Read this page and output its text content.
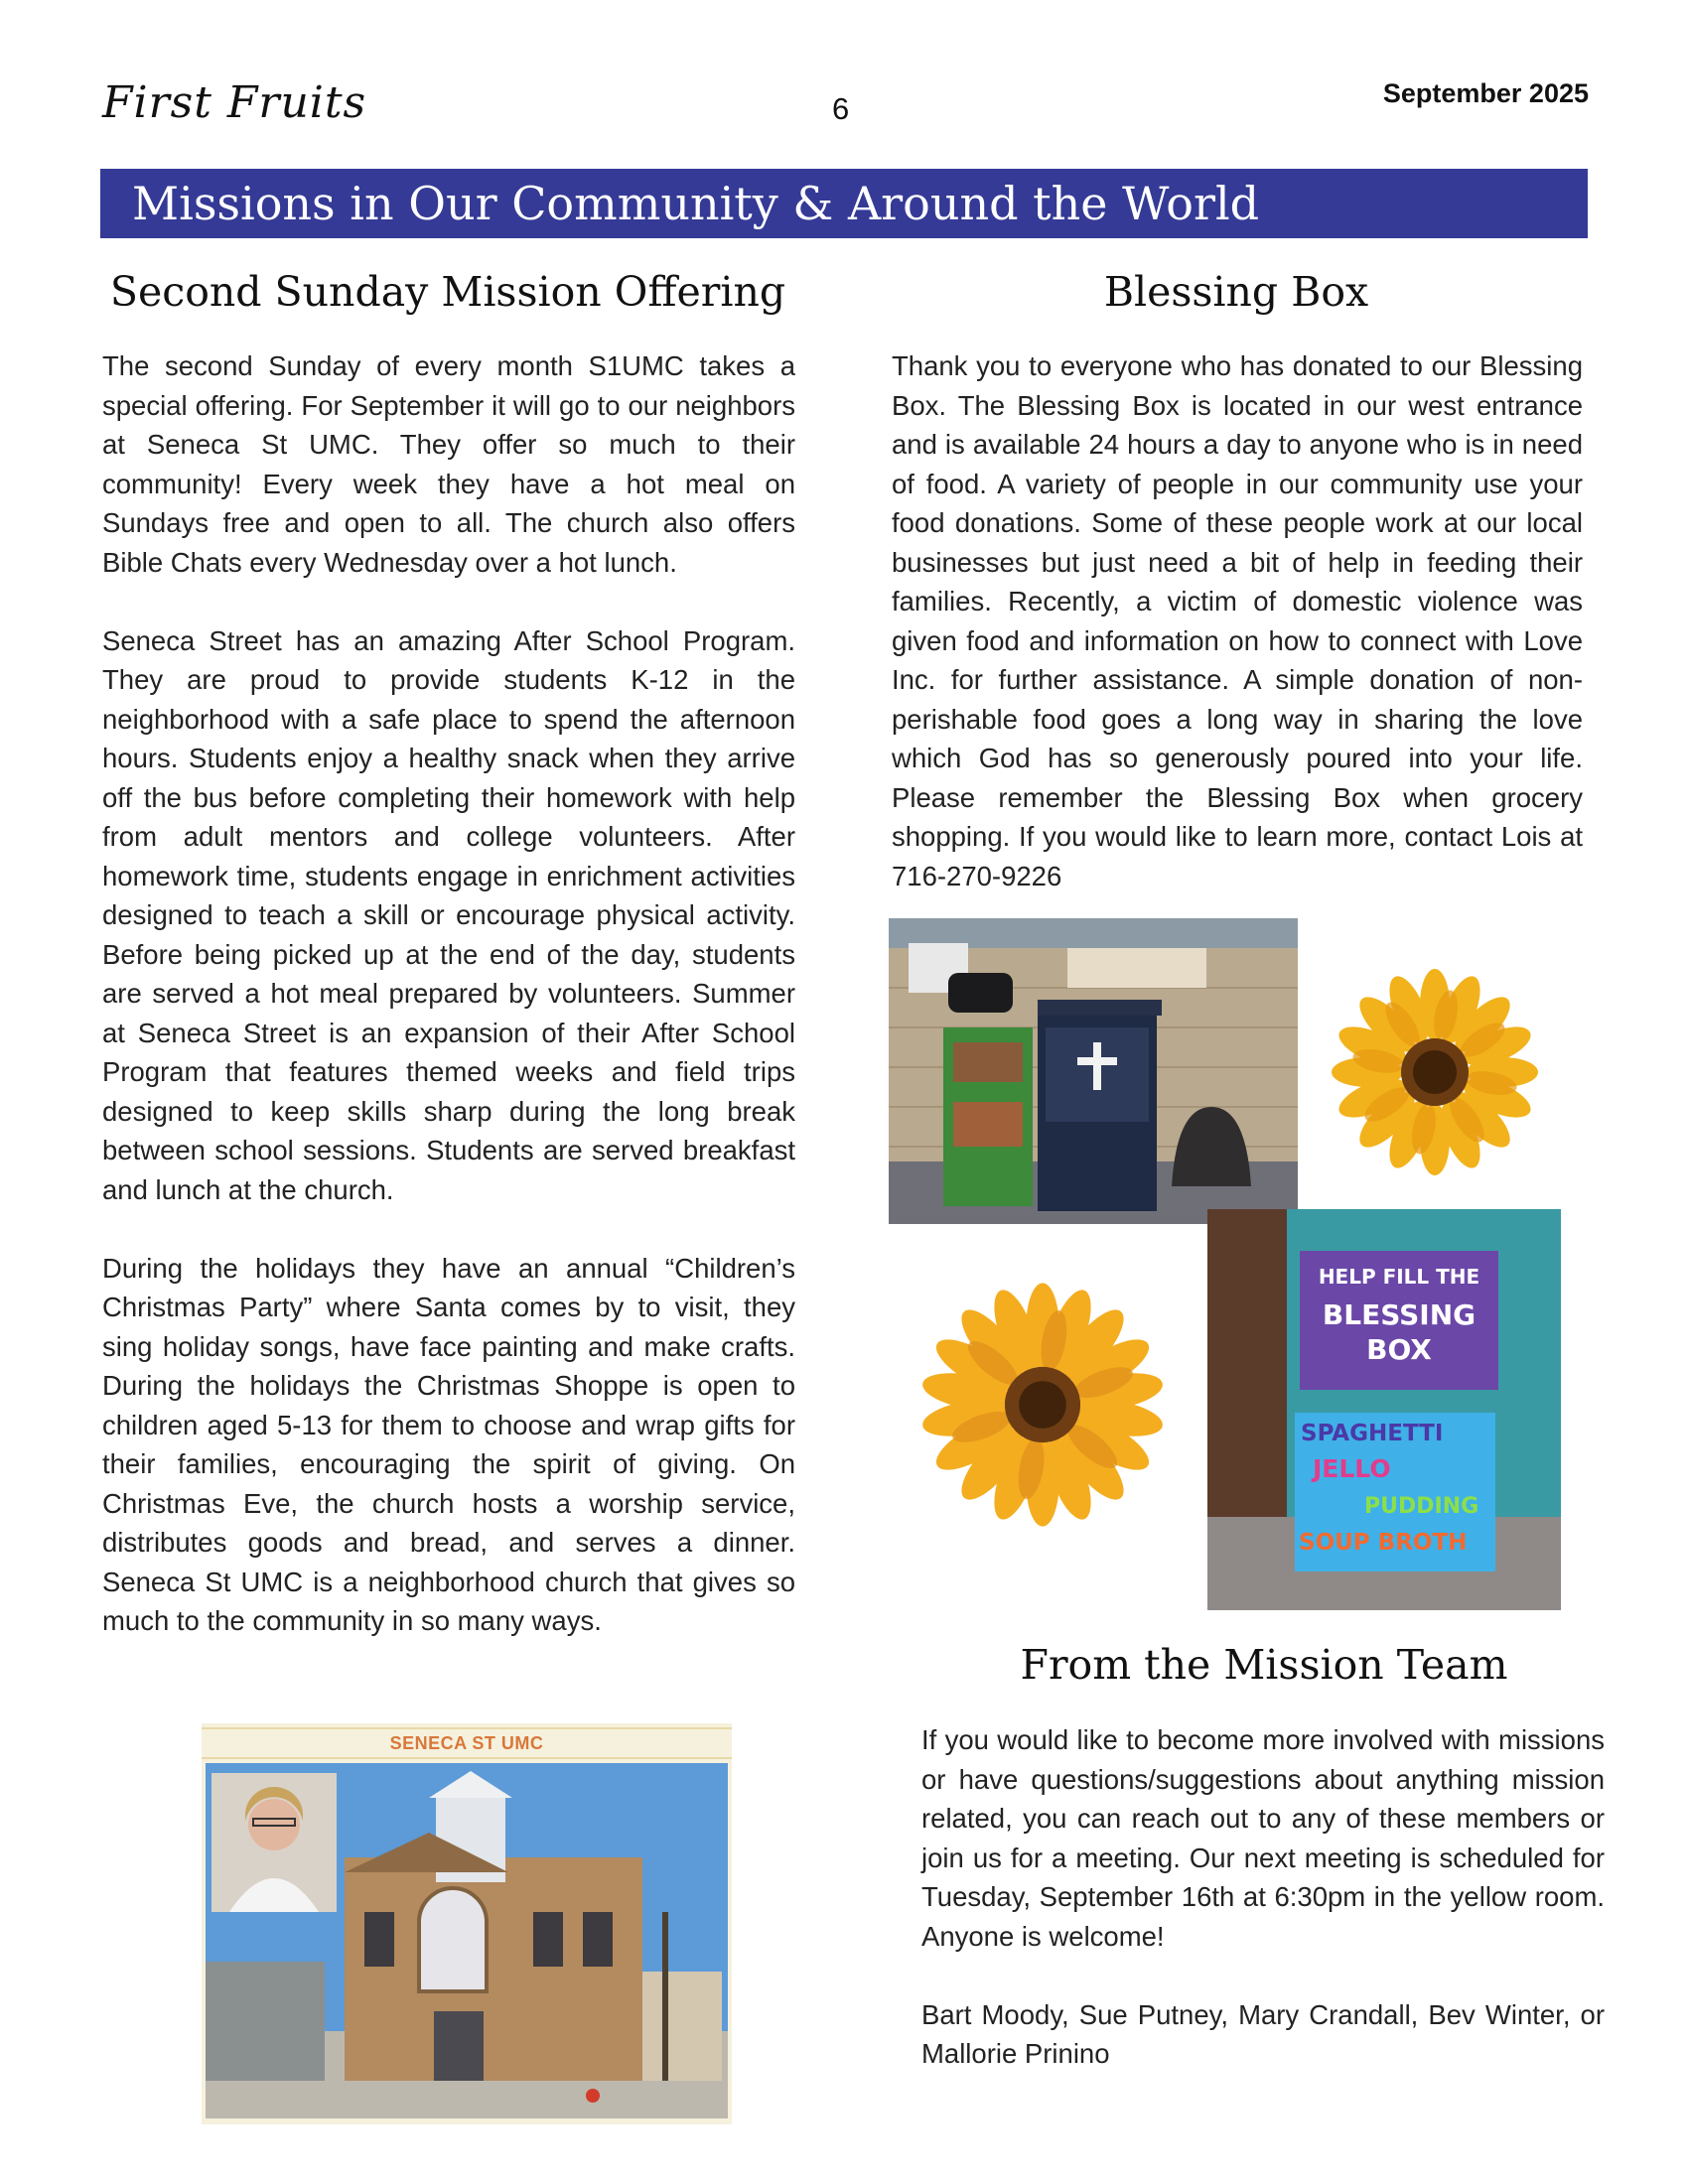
First Fruits	6	September 2025
Missions in Our Community & Around the World
Second Sunday Mission Offering

The second Sunday of every month S1UMC takes a special offering. For September it will go to our neighbors at Seneca St UMC. They offer so much to their community! Every week they have a hot meal on Sundays free and open to all. The church also offers Bible Chats every Wednesday over a hot lunch.

Seneca Street has an amazing After School Program. They are proud to provide students K-12 in the neighborhood with a safe place to spend the afternoon hours. Students enjoy a healthy snack when they arrive off the bus before completing their homework with help from adult mentors and college volunteers. After homework time, students engage in enrichment activities designed to teach a skill or encourage physical activity. Before being picked up at the end of the day, students are served a hot meal prepared by volunteers. Summer at Seneca Street is an expansion of their After School Program that features themed weeks and field trips designed to keep skills sharp during the long break between school sessions. Students are served breakfast and lunch at the church.

During the holidays they have an annual “Children’s Christmas Party” where Santa comes by to visit, they sing holiday songs, have face painting and make crafts. During the holidays the Christmas Shoppe is open to children aged 5-13 for them to choose and wrap gifts for their families, encouraging the spirit of giving. On Christmas Eve, the church hosts a worship service, distributes goods and bread, and serves a dinner. Seneca St UMC is a neighborhood church that gives so much to the community in so many ways.

SENECA ST UMC
Blessing Box

Thank you to everyone who has donated to our Blessing Box. The Blessing Box is located in our west entrance and is available 24 hours a day to anyone who is in need of food. A variety of people in our community use your food donations. Some of these people work at our local businesses but just need a bit of help in feeding their families. Recently, a victim of domestic violence was given food and information on how to connect with Love Inc. for further assistance. A simple donation of non-perishable food goes a long way in sharing the love which God has so generously poured into your life. Please remember the Blessing Box when grocery shopping. If you would like to learn more, contact Lois at 716-270-9226

HELP FILL THE
BLESSING
BOX
SPAGHETTI
JELLO
PUDDING
SOUP BROTH
From the Mission Team

If you would like to become more involved with missions or have questions/suggestions about anything mission related, you can reach out to any of these members or join us for a meeting. Our next meeting is scheduled for Tuesday, September 16th at 6:30pm in the yellow room. Anyone is welcome!

Bart Moody, Sue Putney, Mary Crandall, Bev Winter, or Mallorie Prinino
